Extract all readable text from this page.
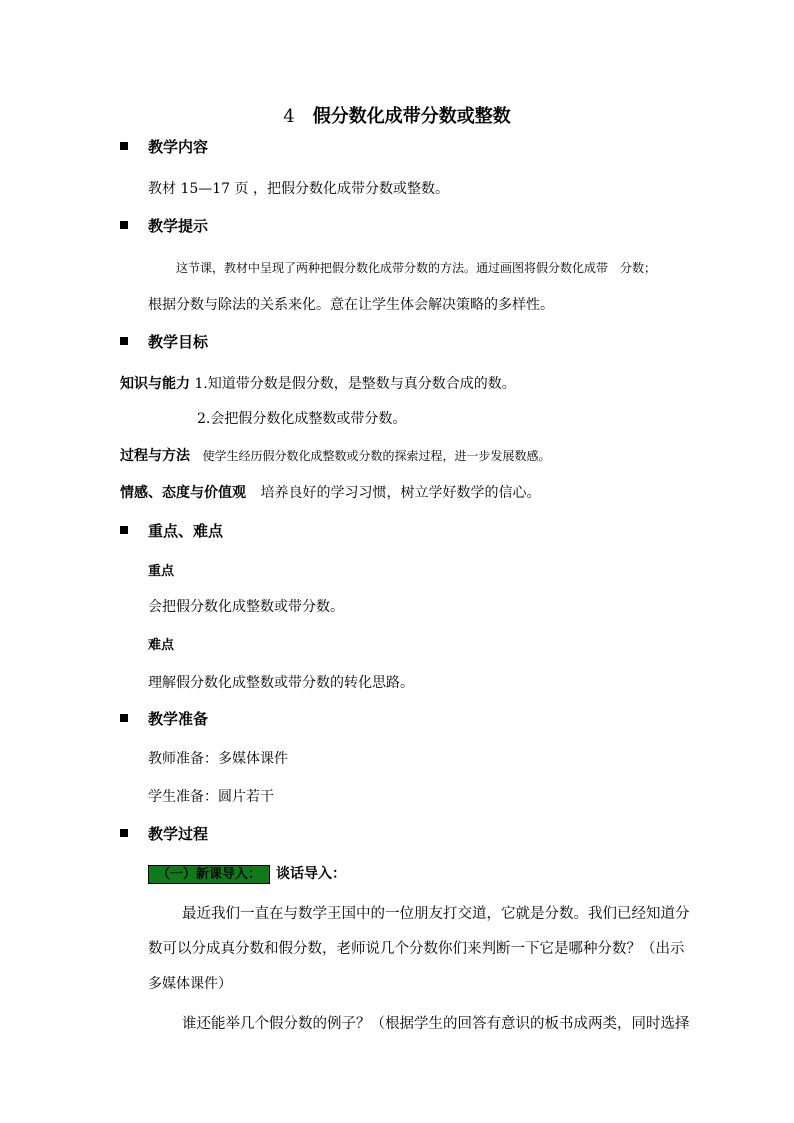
4 假分数化成带分数或整数
教学内容
教材 15—17 页 ，把假分数化成带分数或整数。
教学提示
这节课，教材中呈现了两种把假分数化成带分数的方法。通过画图将假分数化成带　分数；
根据分数与除法的关系来化。意在让学生体会解决策略的多样性。
教学目标
知识与能力 1.知道带分数是假分数，是整数与真分数合成的数。
2.会把假分数化成整数或带分数。
过程与方法 使学生经历假分数化成整数或分数的探索过程，进一步发展数感。
情感、态度与价值观 培养良好的学习习惯，树立学好数学的信心。
重点、难点
重点
会把假分数化成整数或带分数。
难点
理解假分数化成整数或带分数的转化思路。
教学准备
教师准备：多媒体课件
学生准备：圆片若干
教学过程
（一）新课导入： 谈话导入：
最近我们一直在与数学王国中的一位朋友打交道，它就是分数。我们已经知道分
数可以分成真分数和假分数，老师说几个分数你们来判断一下它是哪种分数？（出示
多媒体课件）
谁还能举几个假分数的例子？（根据学生的回答有意识的板书成两类，同时选择
